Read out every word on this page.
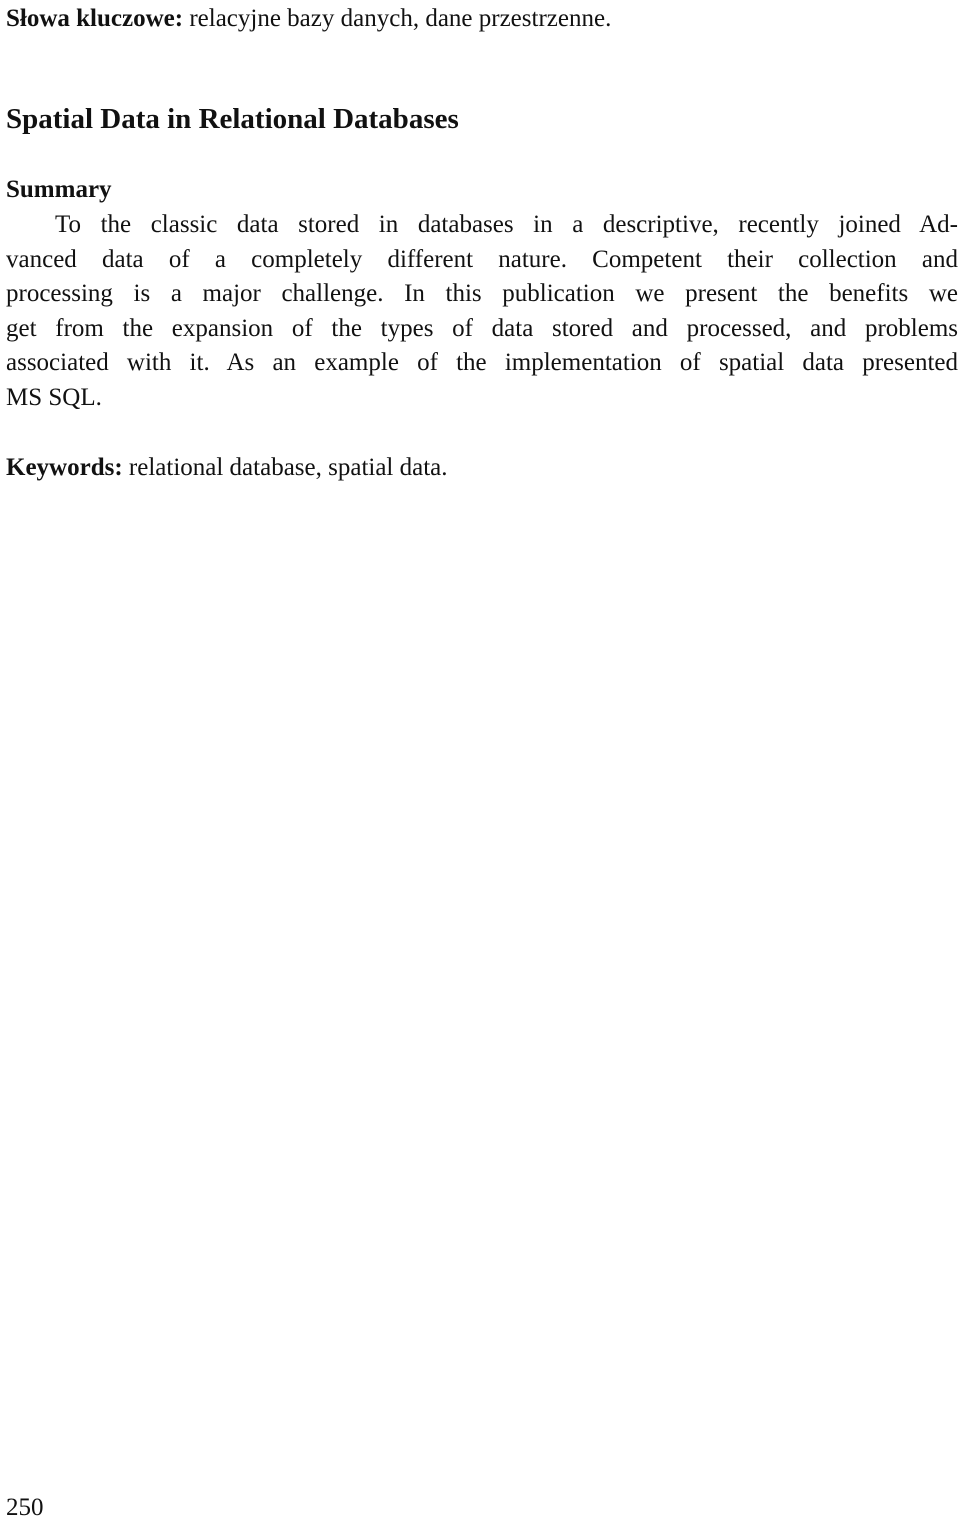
Słowa kluczowe: relacyjne bazy danych, dane przestrzenne.

Spatial Data in Relational Databases
Summary
To the classic data stored in databases in a descriptive, recently joined Ad-
vanced data of a completely different nature. Competent their collection and
processing is a major challenge. In this publication we present the benefits we
get from the expansion of the types of data stored and processed, and problems
associated with it. As an example of the implementation of spatial data presented
MS SQL.

Keywords: relational database, spatial data.

250
